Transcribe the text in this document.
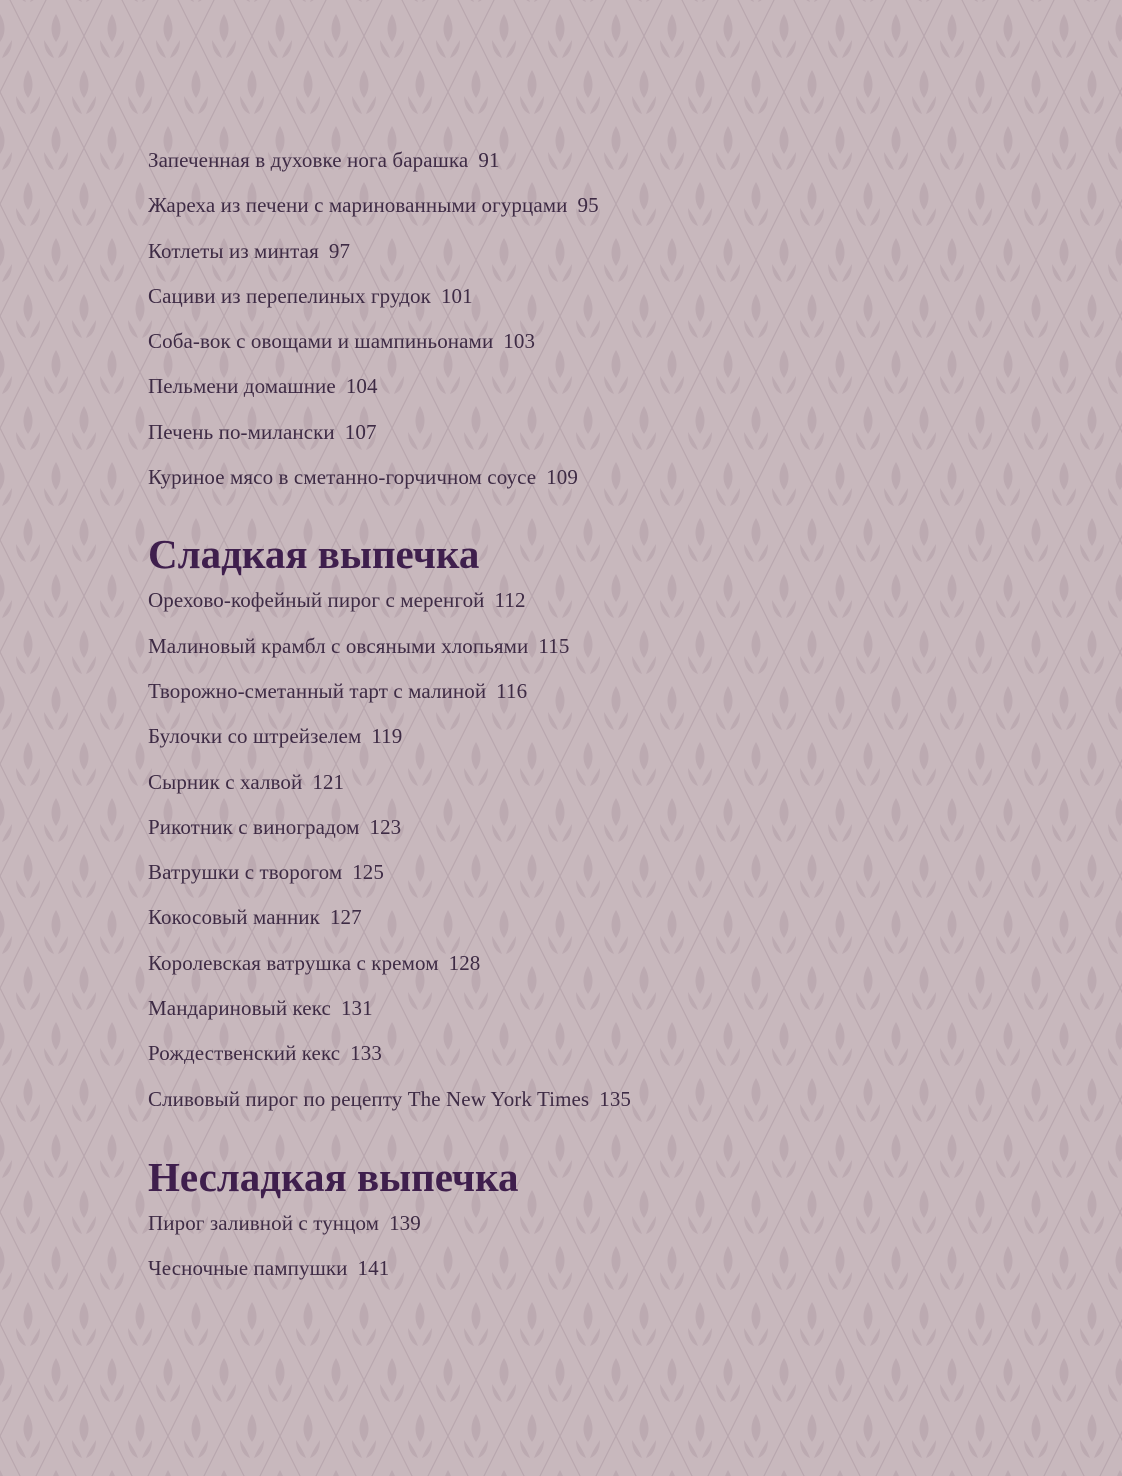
Запеченная в духовке нога барашка 91
Жареха из печени с маринованными огурцами 95
Котлеты из минтая 97
Сациви из перепелиных грудок 101
Соба-вок с овощами и шампиньонами 103
Пельмени домашние 104
Печень по-милански 107
Куриное мясо в сметанно-горчичном соусе 109
Сладкая выпечка
Орехово-кофейный пирог с меренгой 112
Малиновый крамбл с овсяными хлопьями 115
Творожно-сметанный тарт с малиной 116
Булочки со штрейзелем 119
Сырник с халвой 121
Рикотник с виноградом 123
Ватрушки с творогом 125
Кокосовый манник 127
Королевская ватрушка с кремом 128
Мандариновый кекс 131
Рождественский кекс 133
Сливовый пирог по рецепту The New York Times 135
Несладкая выпечка
Пирог заливной с тунцом 139
Чесночные пампушки 141
